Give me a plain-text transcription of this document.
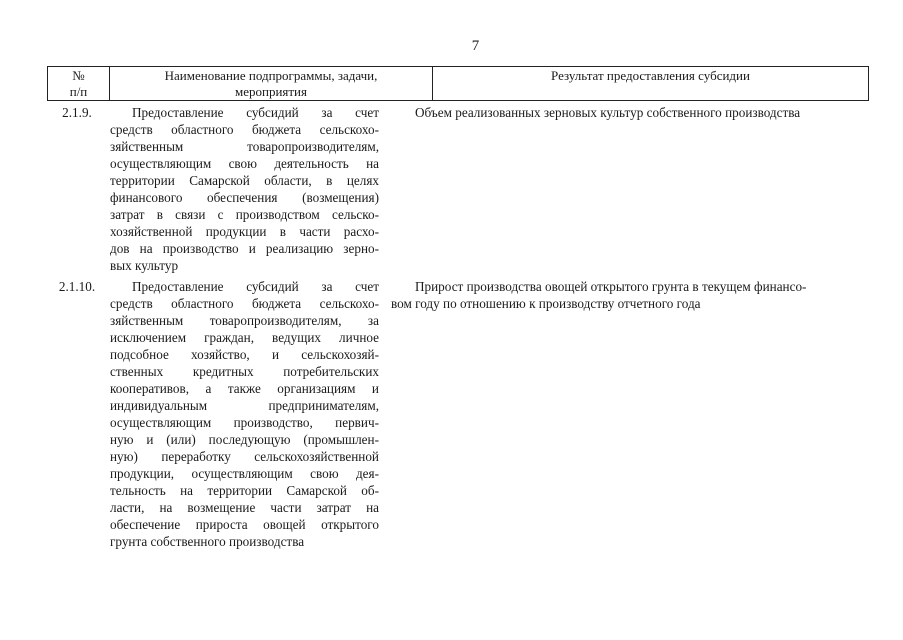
7
№
п/п
Наименование подпрограммы, задачи,
мероприятия
Результат предоставления субсидии
2.1.9.	Предоставление субсидий за счет
средств областного бюджета сельскохо-
зяйственным товаропроизводителям,
осуществляющим свою деятельность на
территории Самарской области, в целях
финансового обеспечения (возмещения)
затрат в связи с производством сельско-
хозяйственной продукции в части расхо-
дов на производство и реализацию зерно-
вых культур
Объем реализованных зерновых культур собственного производства
2.1.10.	Предоставление субсидий за счет
средств областного бюджета сельскохо-
зяйственным товаропроизводителям, за
исключением граждан, ведущих личное
подсобное хозяйство, и сельскохозяй-
ственных кредитных потребительских
кооперативов, а также организациям и
индивидуальным предпринимателям,
осуществляющим производство, первич-
ную и (или) последующую (промышлен-
ную) переработку сельскохозяйственной
продукции, осуществляющим свою дея-
тельность на территории Самарской об-
ласти, на возмещение части затрат на
обеспечение прироста овощей открытого
грунта собственного производства
Прирост производства овощей открытого грунта в текущем финансо-
вом году по отношению к производству отчетного года
